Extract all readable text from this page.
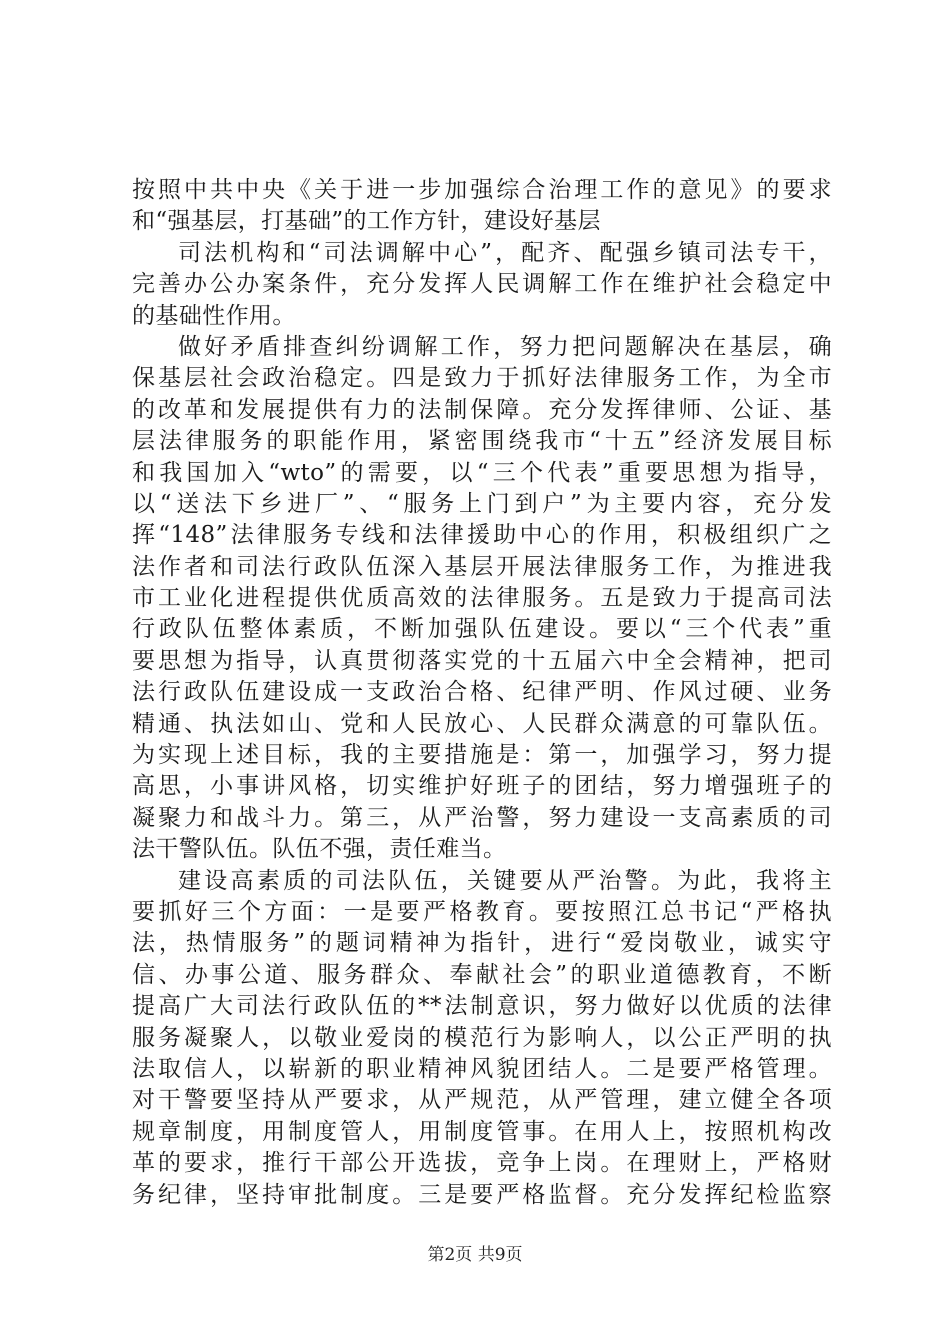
按照中共中央《关于进一步加强综合治理工作的意见》的要求
和“强基层，打基础”的工作方针，建设好基层
司法机构和“司法调解中心”，配齐、配强乡镇司法专干，
完善办公办案条件，充分发挥人民调解工作在维护社会稳定中
的基础性作用。
做好矛盾排查纠纷调解工作，努力把问题解决在基层，确
保基层社会政治稳定。四是致力于抓好法律服务工作，为全市
的改革和发展提供有力的法制保障。充分发挥律师、公证、基
层法律服务的职能作用，紧密围绕我市“十五”经济发展目标
和我国加入“wto”的需要，以“三个代表”重要思想为指导，
以“送法下乡进厂”、“服务上门到户”为主要内容，充分发
挥“148”法律服务专线和法律援助中心的作用，积极组织广之
法作者和司法行政队伍深入基层开展法律服务工作，为推进我
市工业化进程提供优质高效的法律服务。五是致力于提高司法
行政队伍整体素质，不断加强队伍建设。要以“三个代表”重
要思想为指导，认真贯彻落实党的十五届六中全会精神，把司
法行政队伍建设成一支政治合格、纪律严明、作风过硬、业务
精通、执法如山、党和人民放心、人民群众满意的可靠队伍。
为实现上述目标，我的主要措施是：第一，加强学习，努力提
高思，小事讲风格，切实维护好班子的团结，努力增强班子的
凝聚力和战斗力。第三，从严治警，努力建设一支高素质的司
法干警队伍。队伍不强，责任难当。
建设高素质的司法队伍，关键要从严治警。为此，我将主
要抓好三个方面：一是要严格教育。要按照江总书记“严格执
法，热情服务”的题词精神为指针，进行“爱岗敬业，诚实守
信、办事公道、服务群众、奉献社会”的职业道德教育，不断
提高广大司法行政队伍的**法制意识，努力做好以优质的法律
服务凝聚人，以敬业爱岗的模范行为影响人，以公正严明的执
法取信人，以崭新的职业精神风貌团结人。二是要严格管理。
对干警要坚持从严要求，从严规范，从严管理，建立健全各项
规章制度，用制度管人，用制度管事。在用人上，按照机构改
革的要求，推行干部公开选拔，竞争上岗。在理财上，严格财
务纪律，坚持审批制度。三是要严格监督。充分发挥纪检监察
第2页 共9页
